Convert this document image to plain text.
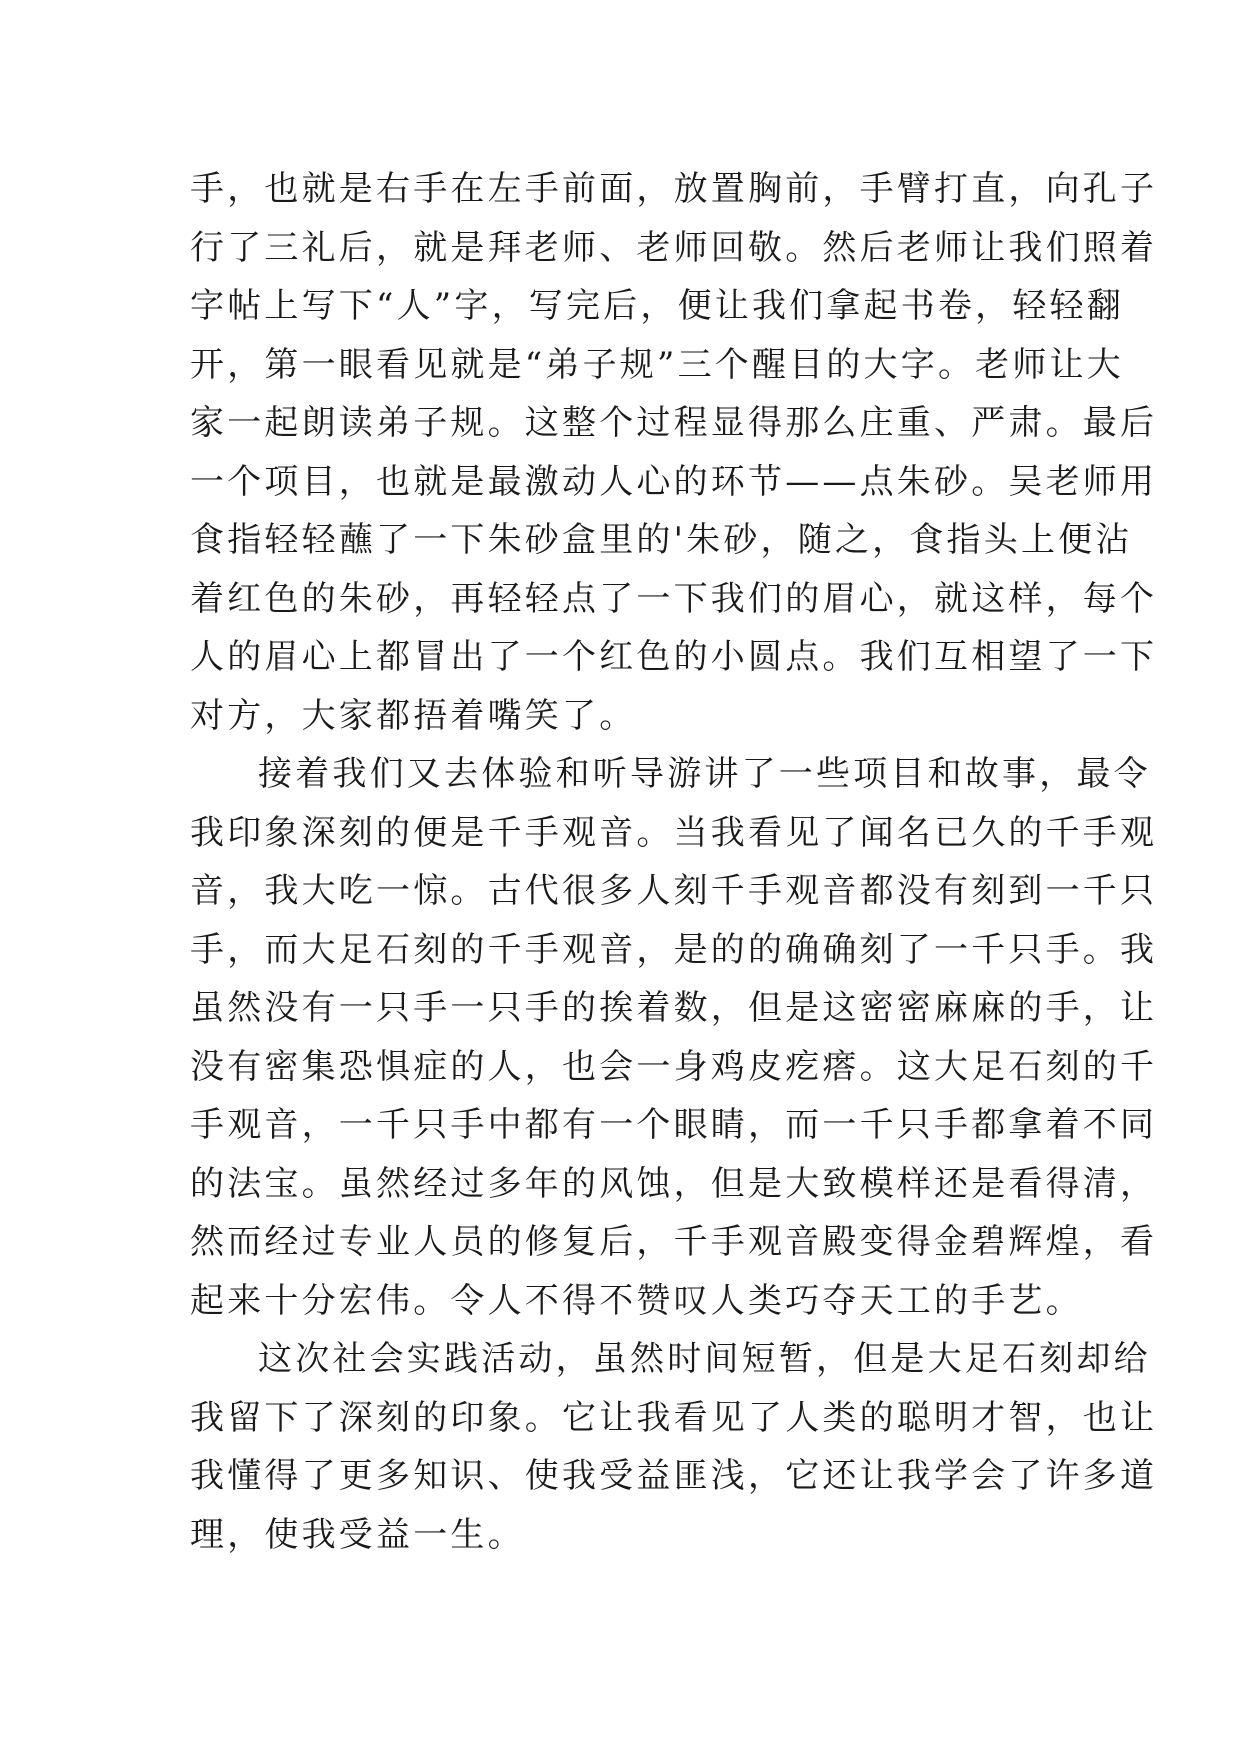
手，也就是右手在左手前面，放置胸前，手臂打直，向孔子
行了三礼后，就是拜老师、老师回敬。然后老师让我们照着
字帖上写下“人”字，写完后，便让我们拿起书卷，轻轻翻
开，第一眼看见就是“弟子规”三个醒目的大字。老师让大
家一起朗读弟子规。这整个过程显得那么庄重、严肃。最后
一个项目，也就是最激动人心的环节——点朱砂。吴老师用
食指轻轻蘸了一下朱砂盒里的'朱砂，随之，食指头上便沾
着红色的朱砂，再轻轻点了一下我们的眉心，就这样，每个
人的眉心上都冒出了一个红色的小圆点。我们互相望了一下
对方，大家都捂着嘴笑了。

接着我们又去体验和听导游讲了一些项目和故事，最令
我印象深刻的便是千手观音。当我看见了闻名已久的千手观
音，我大吃一惊。古代很多人刻千手观音都没有刻到一千只
手，而大足石刻的千手观音，是的的确确刻了一千只手。我
虽然没有一只手一只手的挨着数，但是这密密麻麻的手，让
没有密集恐惧症的人，也会一身鸡皮疙瘩。这大足石刻的千
手观音，一千只手中都有一个眼睛，而一千只手都拿着不同
的法宝。虽然经过多年的风蚀，但是大致模样还是看得清，
然而经过专业人员的修复后，千手观音殿变得金碧辉煌，看
起来十分宏伟。令人不得不赞叹人类巧夺天工的手艺。

这次社会实践活动，虽然时间短暂，但是大足石刻却给
我留下了深刻的印象。它让我看见了人类的聪明才智，也让
我懂得了更多知识、使我受益匪浅，它还让我学会了许多道
理，使我受益一生。
